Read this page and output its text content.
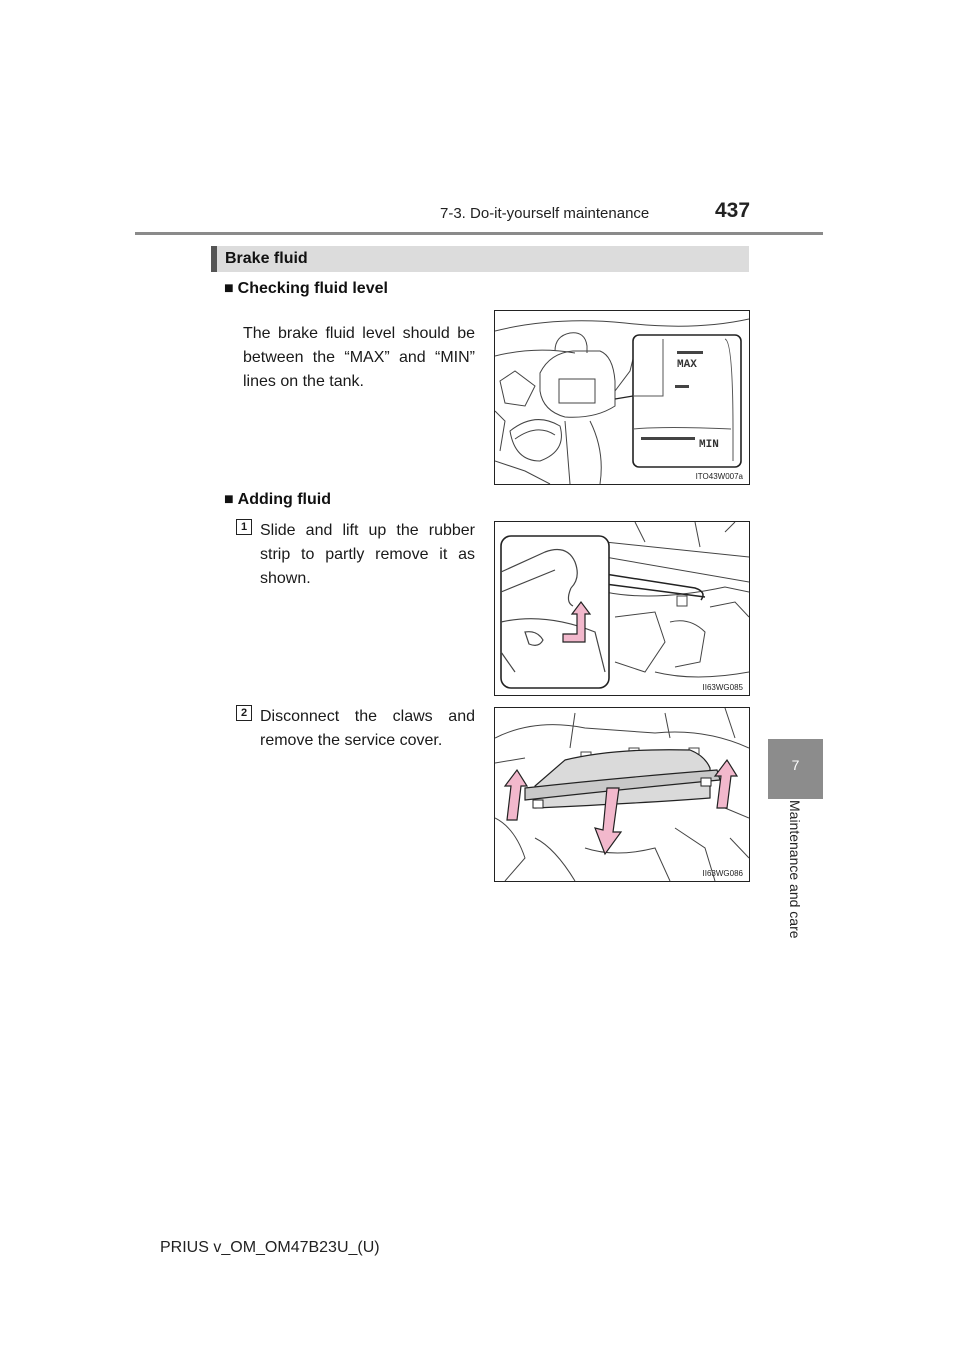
7-3. Do-it-yourself maintenance	437
7
Maintenance and care
Brake fluid
■ Checking fluid level
The brake fluid level should be between the “MAX” and “MIN” lines on the tank.
MAX
MIN
ITO43W007a
■ Adding fluid
1 Slide and lift up the rubber strip to partly remove it as shown.
II63WG085
2 Disconnect the claws and remove the service cover.
II63WG086
PRIUS v_OM_OM47B23U_(U)
